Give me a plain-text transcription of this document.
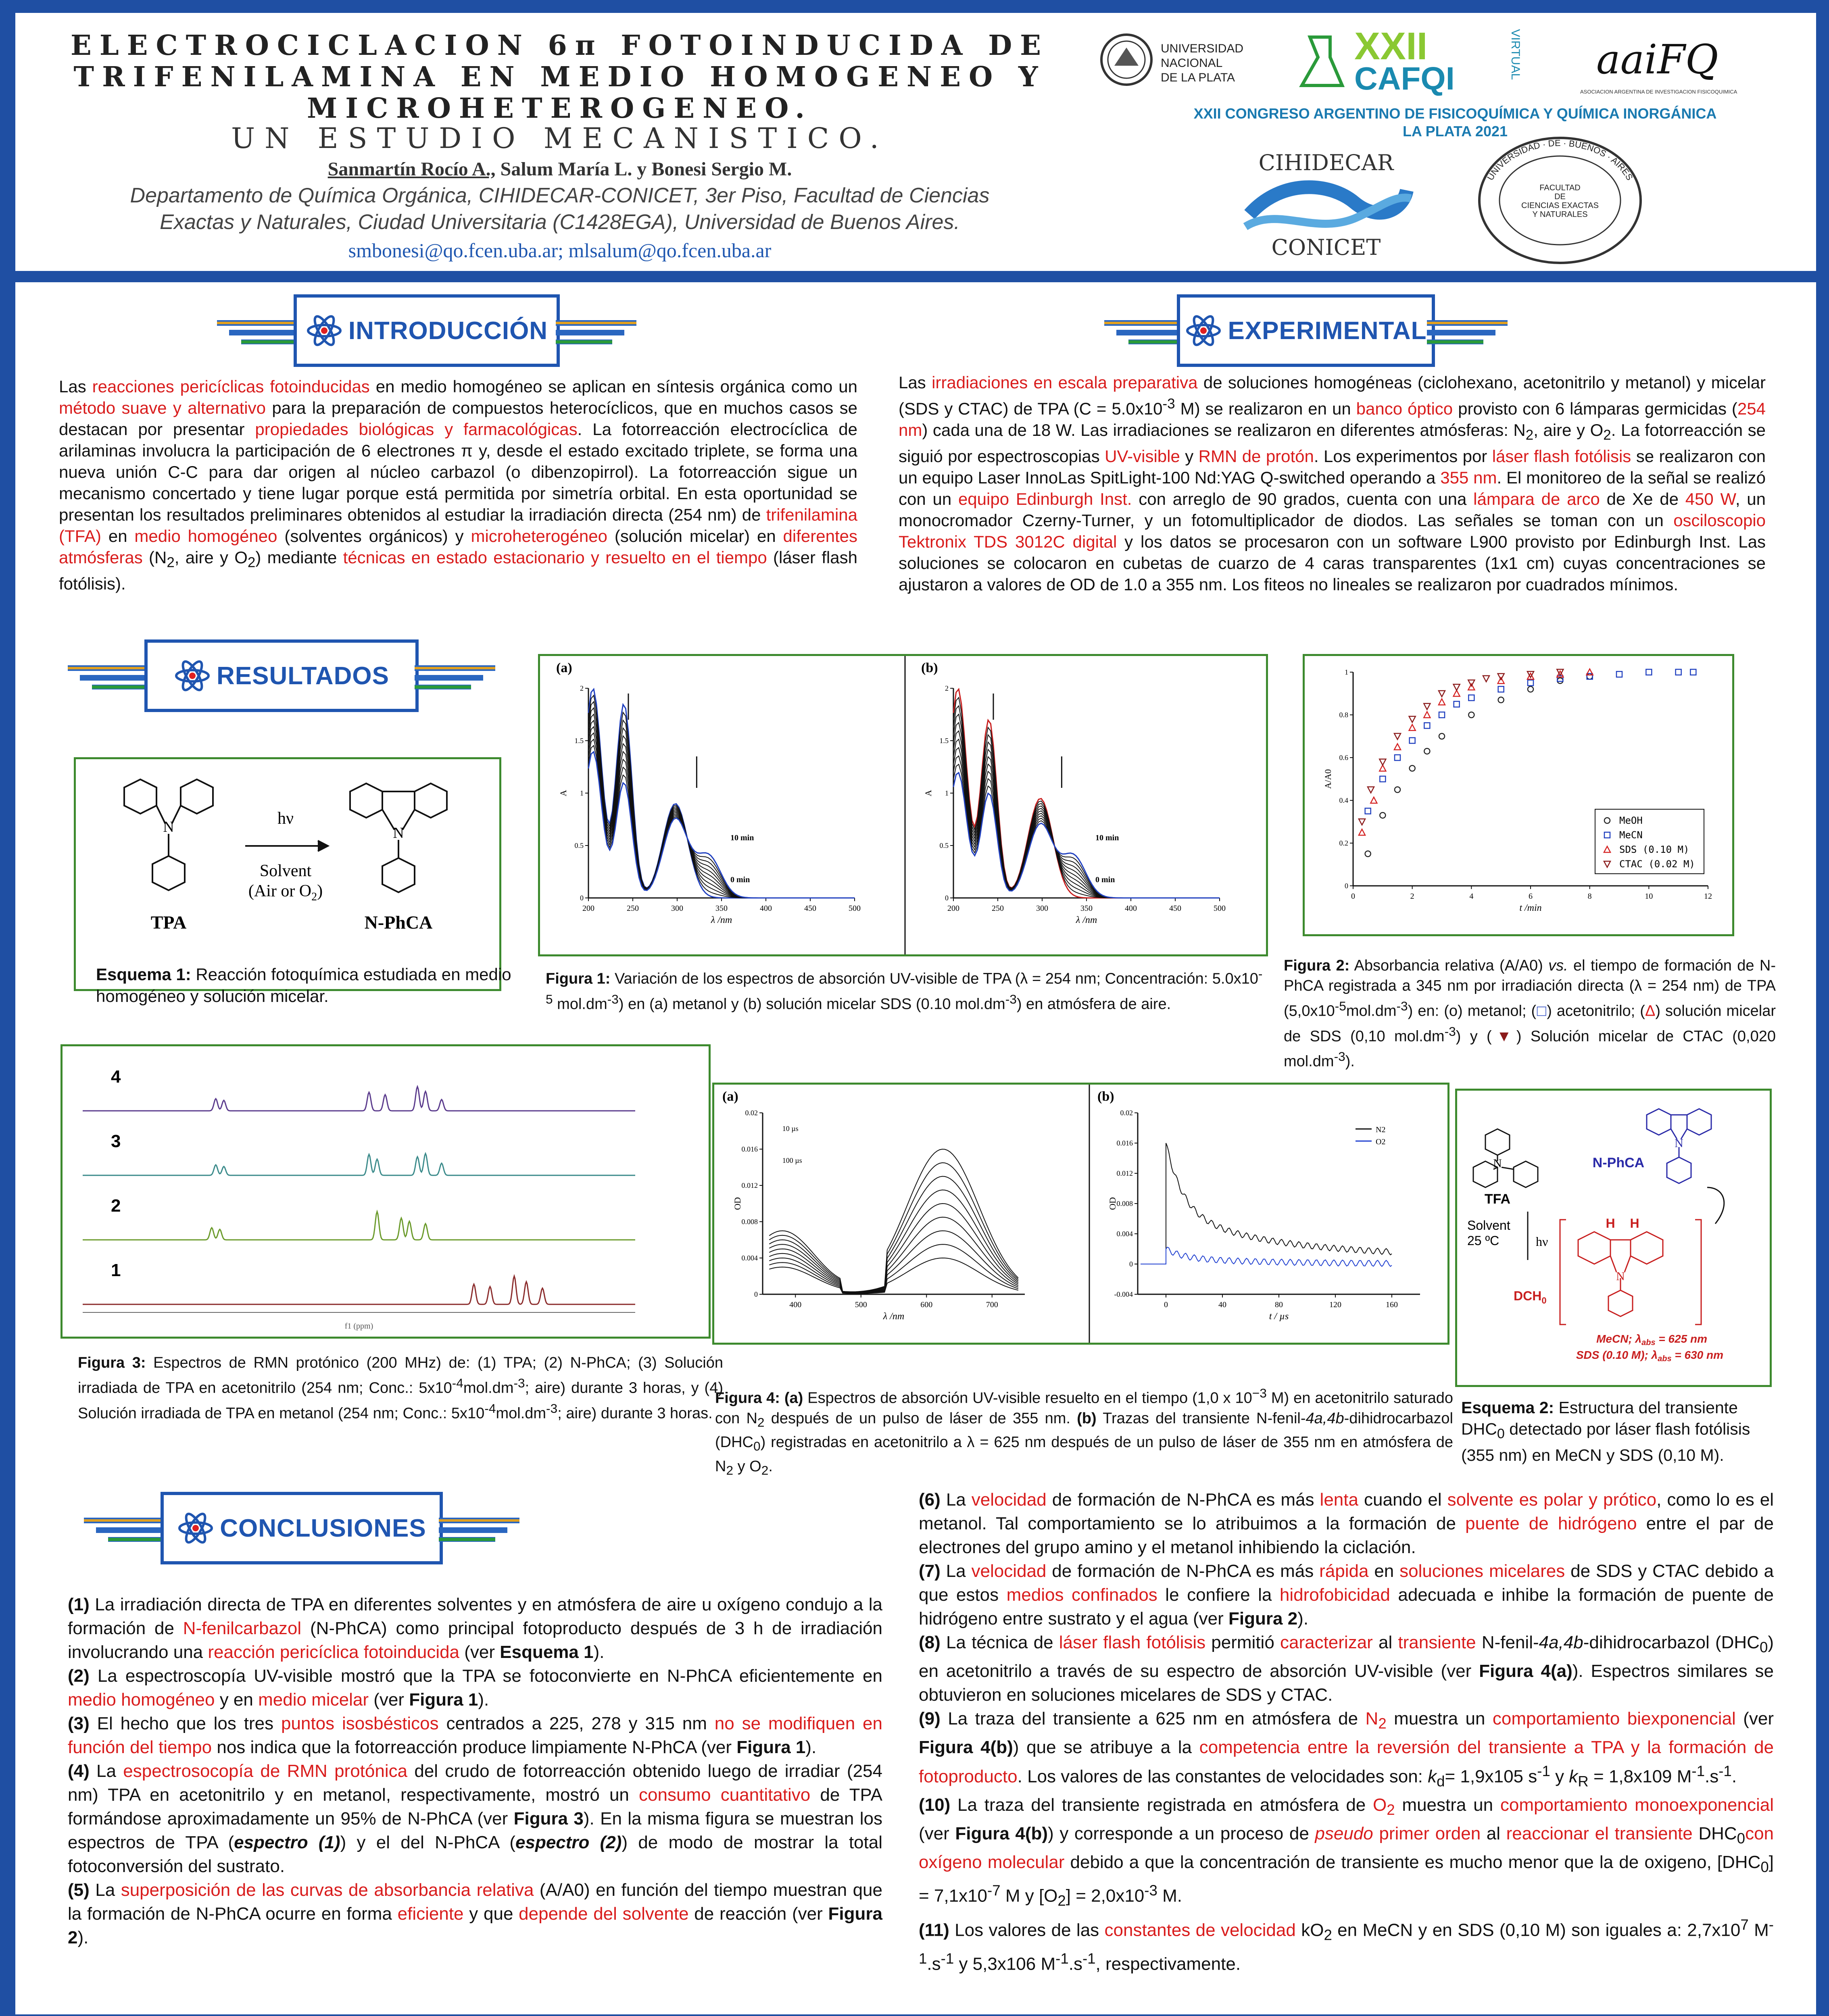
ELECTROCICLACION 6π FOTOINDUCIDA DE
TRIFENILAMINA EN MEDIO HOMOGENEO Y
MICROHETEROGENEO.
UN ESTUDIO MECANISTICO.
Sanmartín Rocío A., Salum María L. y Bonesi Sergio M.
Departamento de Química Orgánica, CIHIDECAR-CONICET, 3er Piso, Facultad de Ciencias
Exactas y Naturales, Ciudad Universitaria (C1428EGA), Universidad de Buenos Aires.
smbonesi@qo.fcen.uba.ar; mlsalum@qo.fcen.uba.ar
UNIVERSIDAD
NACIONAL
DE LA PLATA
XXII
CAFQI	VIRTUAL aaiFQ
ASOCIACION ARGENTINA DE INVESTIGACION FISICOQUIMICA
XXII CONGRESO ARGENTINO DE FISICOQUÍMICA Y QUÍMICA INORGÁNICA
LA PLATA 2021
CIHIDECAR
CONICET
UNIVERSIDAD · DE · BUENOS · AIRES
FACULTAD
DE
CIENCIAS EXACTAS
Y NATURALES
INTRODUCCIÓN	EXPERIMENTAL
Las reacciones pericíclicas fotoinducidas en medio homogéneo se aplican en síntesis orgánica como un método suave y alternativo para la preparación de compuestos heterocíclicos, que en muchos casos se destacan por presentar propiedades biológicas y farmacológicas. La fotorreacción electrocíclica de arilaminas involucra la participación de 6 electrones π y, desde el estado excitado triplete, se forma una nueva unión C-C para dar origen al núcleo carbazol (o dibenzopirrol). La fotorreacción sigue un mecanismo concertado y tiene lugar porque está permitida por simetría orbital. En esta oportunidad se presentan los resultados preliminares obtenidos al estudiar la irradiación directa (254 nm) de trifenilamina (TFA) en medio homogéneo (solventes orgánicos) y microheterogéneo (solución micelar) en diferentes atmósferas ($N_2$, aire y $O_2$) mediante técnicas en estado estacionario y resuelto en el tiempo (láser flash fotólisis).
Las irradiaciones en escala preparativa de soluciones homogéneas (ciclohexano, acetonitrilo y metanol) y micelar (SDS y CTAC) de TPA ($C = 5.0x10^{-3}$ M) se realizaron en un banco óptico provisto con 6 lámparas germicidas (254 nm) cada una de 18 W. Las irradiaciones se realizaron en diferentes atmósferas: $N_2$, aire y $O_2$. La fotorreacción se siguió por espectroscopias UV-visible y RMN de protón. Los experimentos por láser flash fotólisis se realizaron con un equipo Laser InnoLas SpitLight-100 Nd:YAG Q-switched operando a 355 nm. El monitoreo de la señal se realizó con un equipo Edinburgh Inst. con arreglo de 90 grados, cuenta con una lámpara de arco de Xe de 450 W, un monocromador Czerny-Turner, y un fotomultiplicador de diodos. Las señales se toman con un osciloscopio Tektronix TDS 3012C digital y los datos se procesaron con un software L900 provisto por Edinburgh Inst. Las soluciones se colocaron en cubetas de cuarzo de 4 caras transparentes (1x1 cm) cuyas concentraciones se ajustaron a valores de OD de 1.0 a 355 nm. Los fiteos no lineales se realizaron por cuadrados mínimos.
RESULTADOS
N	N
hν
Solvent
(Air or $O_2$)
TPA	N-PhCA
Esquema 1: Reacción fotoquímica estudiada en medio homogéneo y solución micelar.
(a)
200	250	300	350	400	450	500
0
0.5
1
1.5
2
λ /nm
A
10 min
0 min
(b)
200	250	300	350	400	450	500
0
0.5
1
1.5
2
λ /nm
A
10 min
0 min
Figura 1: Variación de los espectros de absorción UV-visible de TPA (λ = 254 nm; Concentración: $5.0x10^{-5}$ $mol.dm^{-3}$) en (a) metanol y (b) solución micelar SDS (0.10 $mol.dm^{-3}$) en atmósfera de aire.
0	2	4	6	8	10	12
0
0.2
0.4
0.6
0.8
1
t /min
A/A0
MeOH
MeCN
SDS (0.10 M)
CTAC (0.02 M)
Figura 2: Absorbancia relativa (A/A0) vs. el tiempo de formación de N-PhCA registrada a 345 nm por irradiación directa (λ = 254 nm) de TPA $(5,0x10^{-5}mol.dm^{-3})$ en: (o) metanol; (□) acetonitrilo; (Δ) solución micelar de SDS (0,10 $mol.dm^{-3}$) y (▼) Solución micelar de CTAC (0,020 $mol.dm^{-3}$).
4
3
2
1
f1 (ppm)
Figura 3: Espectros de RMN protónico (200 MHz) de: (1) TPA; (2) N-PhCA; (3) Solución irradiada de TPA en acetonitrilo (254 nm; Conc.: $5x10^{-4}mol.dm^{-3}$; aire) durante 3 horas, y (4) Solución irradiada de TPA en metanol (254 nm; Conc.: $5x10^{-4}mol.dm^{-3}$; aire) durante 3 horas.
(a)
400	500	600	700
0
0.004
0.008
0.012
0.016
0.02
λ /nm
OD
10 µs
100 µs
(b)
0	40	80	120	160
-0.004
0
0.004
0.008
0.012
0.016
0.02
t / µs
OD
N2
O2
Figura 4: (a) Espectros de absorción UV-visible resuelto en el tiempo (1,0 x $10^{-3}$ M) en acetonitrilo saturado con $N_2$ después de un pulso de láser de 355 nm. (b) Trazas del transiente N-fenil-4a,4b-dihidrocarbazol $(DHC_0)$ registradas en acetonitrilo a λ = 625 nm después de un pulso de láser de 355 nm en atmósfera de $N_2$ y $O_2$.
N
TFA
N
N-PhCA
Solvent
25 ºC	hν
H H
N
$DCH_0$
MeCN; $\lambda_{abs} = 625$ nm
SDS (0.10 M); $\lambda_{abs} = 630$ nm
Esquema 2: Estructura del transiente $DHC_0$ detectado por láser flash fotólisis (355 nm) en MeCN y SDS (0,10 M).
CONCLUSIONES
(1) La irradiación directa de TPA en diferentes solventes y en atmósfera de aire u oxígeno condujo a la formación de N-fenilcarbazol (N-PhCA) como principal fotoproducto después de 3 h de irradiación involucrando una reacción pericíclica fotoinducida (ver Esquema 1).
(2) La espectroscopía UV-visible mostró que la TPA se fotoconvierte en N-PhCA eficientemente en medio homogéneo y en medio micelar (ver Figura 1).
(3) El hecho que los tres puntos isosbésticos centrados a 225, 278 y 315 nm no se modifiquen en función del tiempo nos indica que la fotorreacción produce limpiamente N-PhCA (ver Figura 1).
(4) La espectrosocopía de RMN protónica del crudo de fotorreacción obtenido luego de irradiar (254 nm) TPA en acetonitrilo y en metanol, respectivamente, mostró un consumo cuantitativo de TPA formándose aproximadamente un 95% de N-PhCA (ver Figura 3). En la misma figura se muestran los espectros de TPA (espectro (1)) y el del N-PhCA (espectro (2)) de modo de mostrar la total fotoconversión del sustrato.
(5) La superposición de las curvas de absorbancia relativa (A/A0) en función del tiempo muestran que la formación de N-PhCA ocurre en forma eficiente y que depende del solvente de reacción (ver Figura 2).
(6) La velocidad de formación de N-PhCA es más lenta cuando el solvente es polar y prótico, como lo es el metanol. Tal comportamiento se lo atribuimos a la formación de puente de hidrógeno entre el par de electrones del grupo amino y el metanol inhibiendo la ciclación.
(7) La velocidad de formación de N-PhCA es más rápida en soluciones micelares de SDS y CTAC debido a que estos medios confinados le confiere la hidrofobicidad adecuada e inhibe la formación de puente de hidrógeno entre sustrato y el agua (ver Figura 2).
(8) La técnica de láser flash fotólisis permitió caracterizar al transiente N-fenil-4a,4b-dihidrocarbazol $(DHC_0)$ en acetonitrilo a través de su espectro de absorción UV-visible (ver Figura 4(a)). Espectros similares se obtuvieron en soluciones micelares de SDS y CTAC.
(9) La traza del transiente a 625 nm en atmósfera de $N_2$ muestra un comportamiento biexponencial (ver Figura 4(b)) que se atribuye a la competencia entre la reversión del transiente a TPA y la formación de fotoproducto. Los valores de las constantes de velocidades son: $k_d= 1,9x105$ $s^{-1}$ y $k_R = 1,8x109$ $M^{-1}.s^{-1}$.
(10) La traza del transiente registrada en atmósfera de $O_2$ muestra un comportamiento monoexponencial (ver Figura 4(b)) y corresponde a un proceso de pseudo primer orden al reaccionar el transiente $DHC_0con$ oxígeno molecular debido a que la concentración de transiente es mucho menor que la de oxigeno, $[DHC_0] = 7,1x10^{-7}$ M y $[O_2] = 2,0x10^{-3}$ M.
(11) Los valores de las constantes de velocidad $kO_2$ en MeCN y en SDS (0,10 M) son iguales a: $2,7x10^7$ $M^{-1}.s^{-1}$ y 5,3x106 $M^{-1}.s^{-1}$, respectivamente.
